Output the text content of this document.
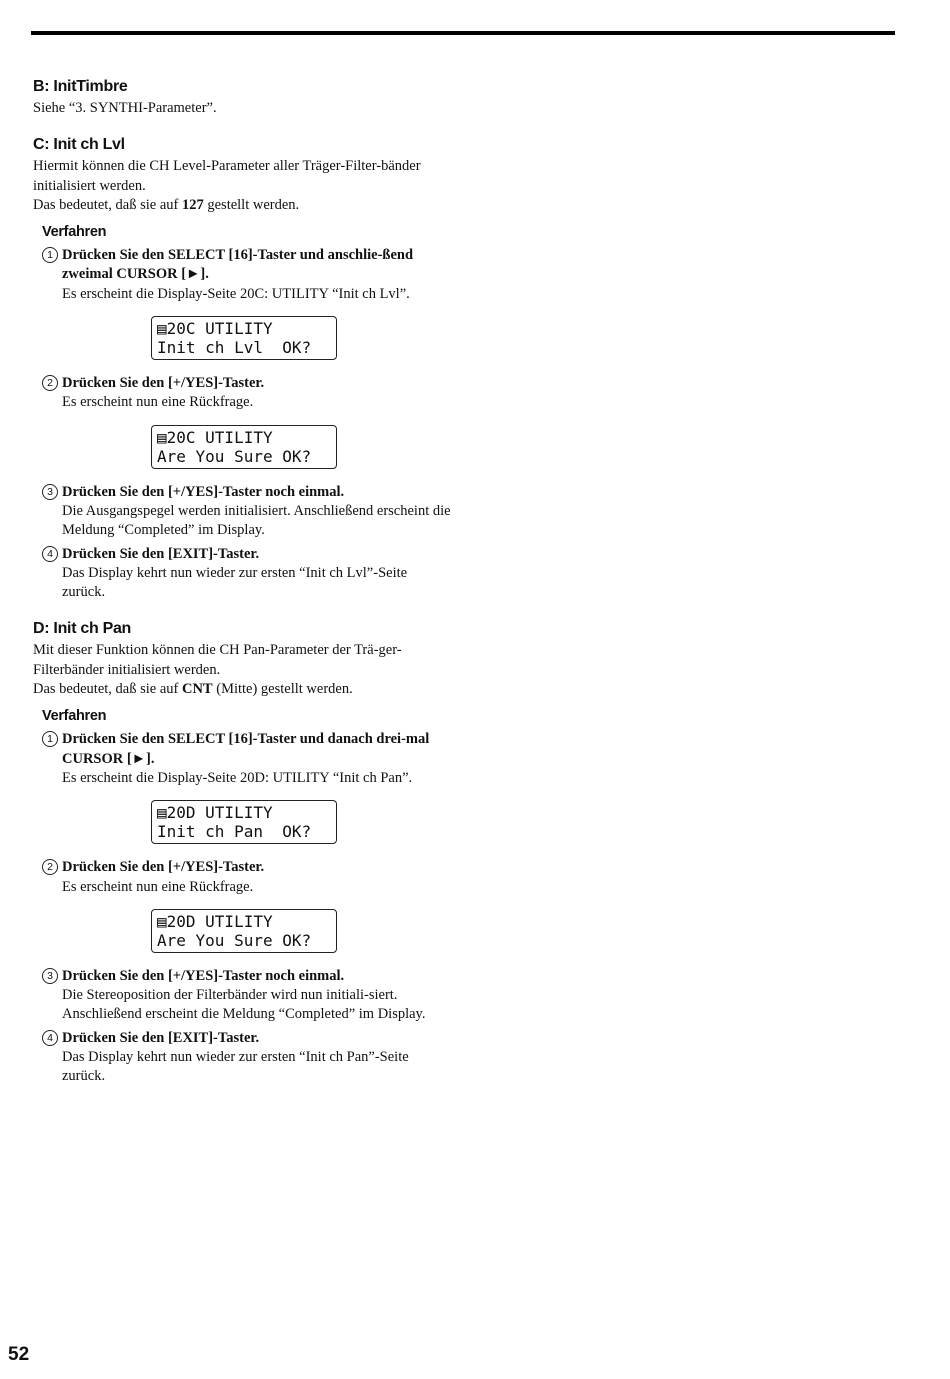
B: InitTimbre

Siehe “3. SYNTHI-Parameter”.

C: Init ch Lvl

Hiermit können die CH Level-Parameter aller Träger-Filter-bänder initialisiert werden.

Das bedeutet, daß sie auf 127 gestellt werden.

Verfahren
1 Drücken Sie den SELECT [16]-Taster und anschlie-ßend zweimal CURSOR [►].

Es erscheint die Display-Seite 20C: UTILITY “Init ch Lvl”.

▤20C UTILITY
Init ch Lvl  OK?
2 Drücken Sie den [+/YES]-Taster.

Es erscheint nun eine Rückfrage.

▤20C UTILITY
Are You Sure OK?
3 Drücken Sie den [+/YES]-Taster noch einmal.

Die Ausgangspegel werden initialisiert. Anschließend erscheint die Meldung “Completed” im Display.

4 Drücken Sie den [EXIT]-Taster.

Das Display kehrt nun wieder zur ersten “Init ch Lvl”-Seite zurück.

D: Init ch Pan

Mit dieser Funktion können die CH Pan-Parameter der Trä-ger-Filterbänder initialisiert werden.

Das bedeutet, daß sie auf CNT (Mitte) gestellt werden.

Verfahren
1 Drücken Sie den SELECT [16]-Taster und danach drei-mal CURSOR [►].

Es erscheint die Display-Seite 20D: UTILITY “Init ch Pan”.

▤20D UTILITY
Init ch Pan  OK?
2 Drücken Sie den [+/YES]-Taster.

Es erscheint nun eine Rückfrage.

▤20D UTILITY
Are You Sure OK?
3 Drücken Sie den [+/YES]-Taster noch einmal.

Die Stereoposition der Filterbänder wird nun initiali-siert. Anschließend erscheint die Meldung “Completed” im Display.

4 Drücken Sie den [EXIT]-Taster.

Das Display kehrt nun wieder zur ersten “Init ch Pan”-Seite zurück.

52
